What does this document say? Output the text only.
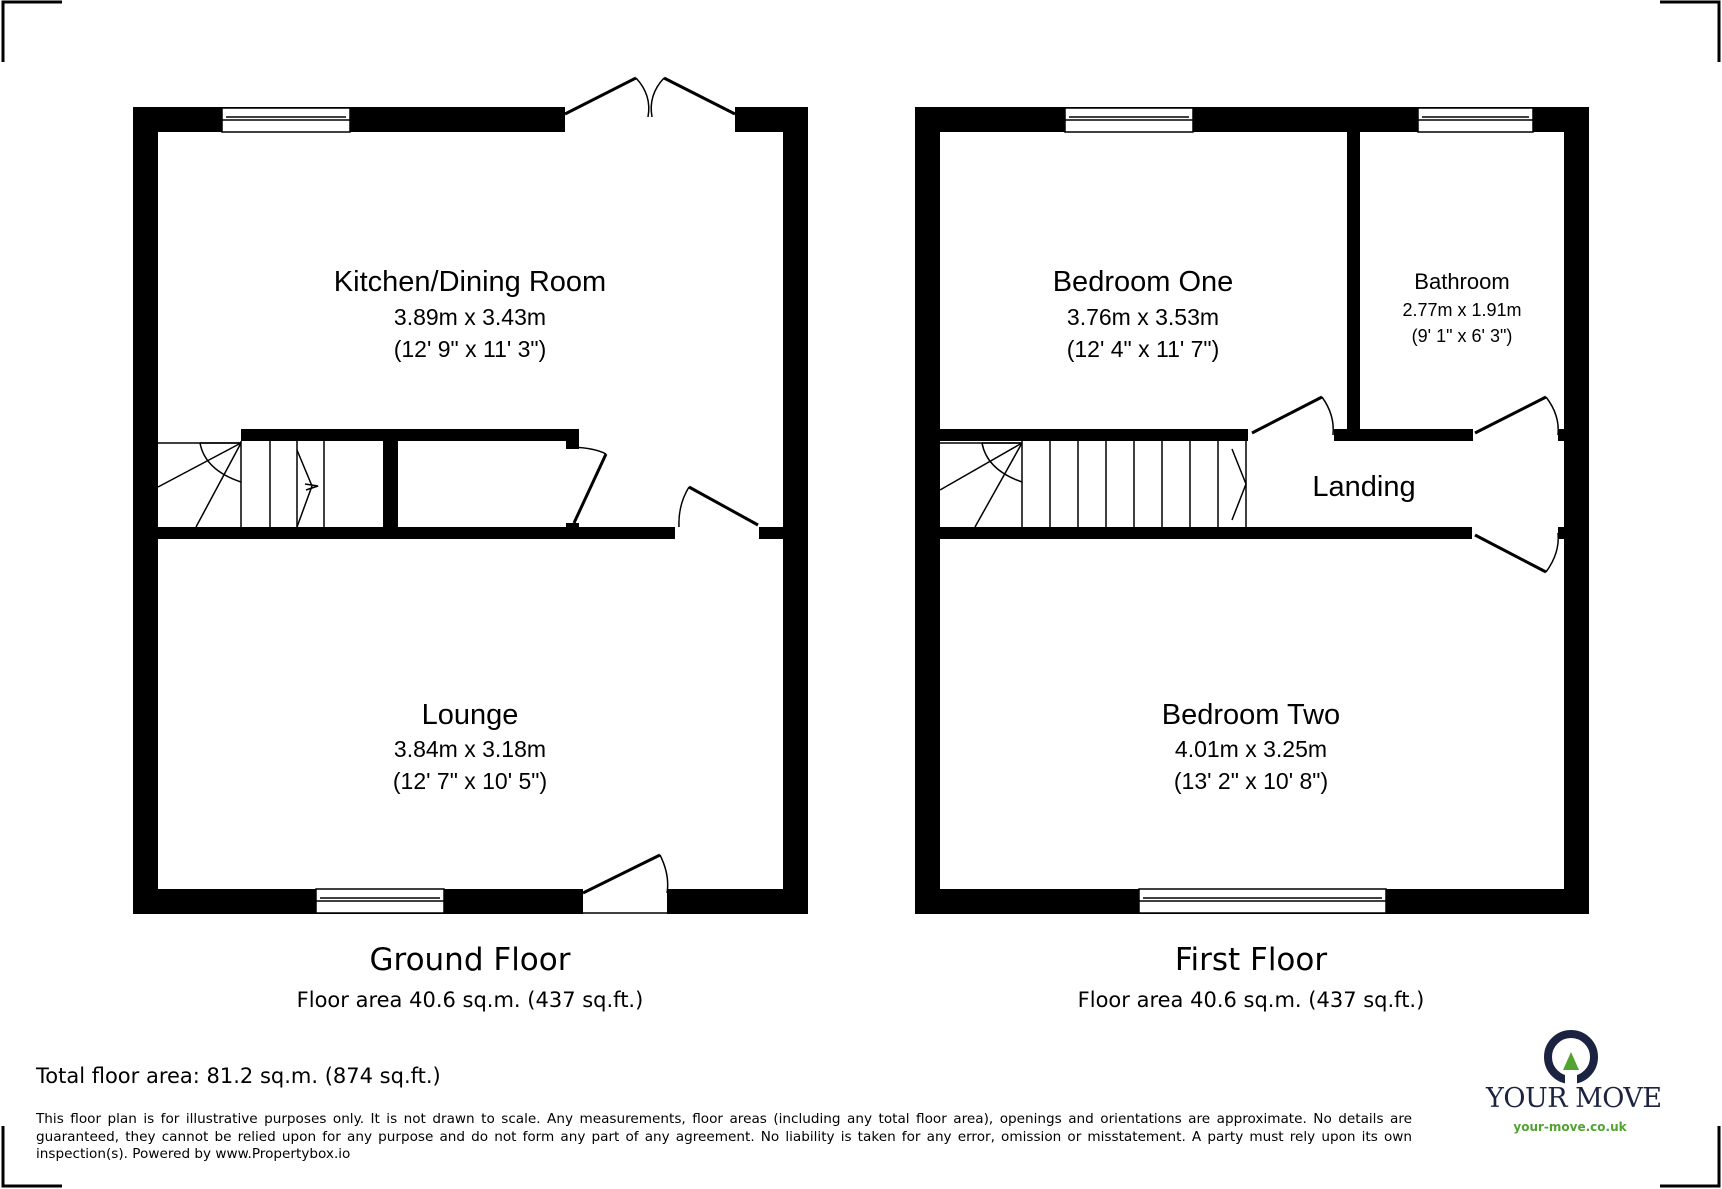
Kitchen/Dining Room
3.89m x 3.43m
(12' 9" x 11' 3")
Lounge
3.84m x 3.18m
(12' 7" x 10' 5")
Bedroom One
3.76m x 3.53m
(12' 4" x 11' 7")
Bathroom
2.77m x 1.91m
(9' 1" x 6' 3")
Landing
Bedroom Two
4.01m x 3.25m
(13' 2" x 10' 8")
Ground Floor
Floor area 40.6 sq.m. (437 sq.ft.)
First Floor
Floor area 40.6 sq.m. (437 sq.ft.)
Total floor area: 81.2 sq.m. (874 sq.ft.)
This floor plan is for illustrative purposes only. It is not drawn to scale. Any measurements, floor areas (including any total floor area), openings and orientations are approximate. No details are guaranteed, they cannot be relied upon for any purpose and do not form any part of any agreement. No liability is taken for any error, omission or misstatement. A party must rely upon its own inspection(s). Powered by www.Propertybox.io
YOUR MOVE
your-move.co.uk
